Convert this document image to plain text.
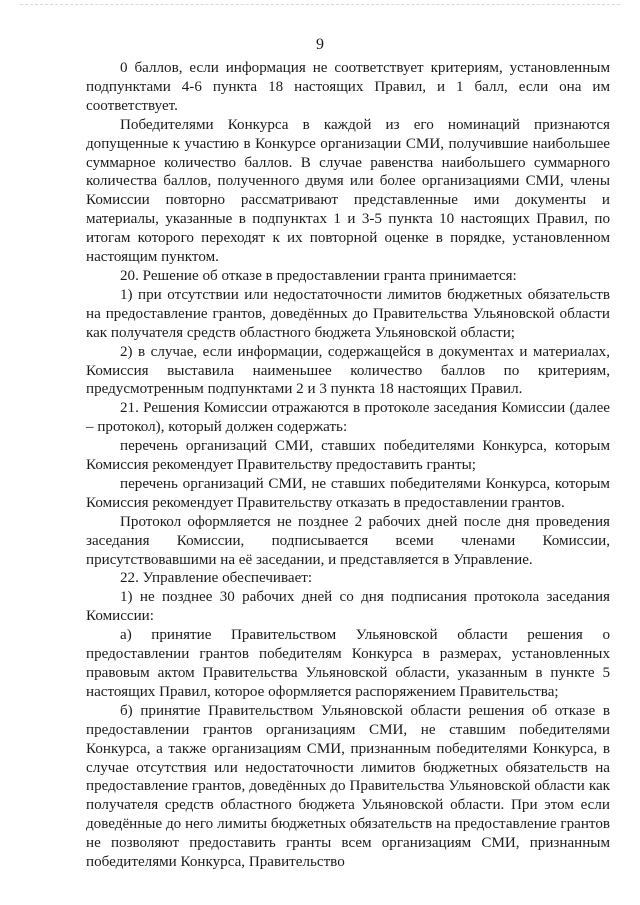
9

0 баллов, если информация не соответствует критериям, установленным подпунктами 4-6 пункта 18 настоящих Правил, и 1 балл, если она им соответствует.

Победителями Конкурса в каждой из его номинаций признаются допущенные к участию в Конкурсе организации СМИ, получившие наибольшее суммарное количество баллов. В случае равенства наибольшего суммарного количества баллов, полученного двумя или более организациями СМИ, члены Комиссии повторно рассматривают представленные ими документы и материалы, указанные в подпунктах 1 и 3-5 пункта 10 настоящих Правил, по итогам которого переходят к их повторной оценке в порядке, установленном настоящим пунктом.

20. Решение об отказе в предоставлении гранта принимается:

1) при отсутствии или недостаточности лимитов бюджетных обязательств на предоставление грантов, доведённых до Правительства Ульяновской области как получателя средств областного бюджета Ульяновской области;

2) в случае, если информации, содержащейся в документах и материалах, Комиссия выставила наименьшее количество баллов по критериям, предусмотренным подпунктами 2 и 3 пункта 18 настоящих Правил.

21. Решения Комиссии отражаются в протоколе заседания Комиссии (далее – протокол), который должен содержать:

перечень организаций СМИ, ставших победителями Конкурса, которым Комиссия рекомендует Правительству предоставить гранты;

перечень организаций СМИ, не ставших победителями Конкурса, которым Комиссия рекомендует Правительству отказать в предоставлении грантов.

Протокол оформляется не позднее 2 рабочих дней после дня проведения заседания Комиссии, подписывается всеми членами Комиссии, присутствовавшими на её заседании, и представляется в Управление.

22. Управление обеспечивает:

1) не позднее 30 рабочих дней со дня подписания протокола заседания Комиссии:

а) принятие Правительством Ульяновской области решения о предоставлении грантов победителям Конкурса в размерах, установленных правовым актом Правительства Ульяновской области, указанным в пункте 5 настоящих Правил, которое оформляется распоряжением Правительства;

б) принятие Правительством Ульяновской области решения об отказе в предоставлении грантов организациям СМИ, не ставшим победителями Конкурса, а также организациям СМИ, признанным победителями Конкурса, в случае отсутствия или недостаточности лимитов бюджетных обязательств на предоставление грантов, доведённых до Правительства Ульяновской области как получателя средств областного бюджета Ульяновской области. При этом если доведённые до него лимиты бюджетных обязательств на предоставление грантов не позволяют предоставить гранты всем организациям СМИ, признанным победителями Конкурса, Правительство
